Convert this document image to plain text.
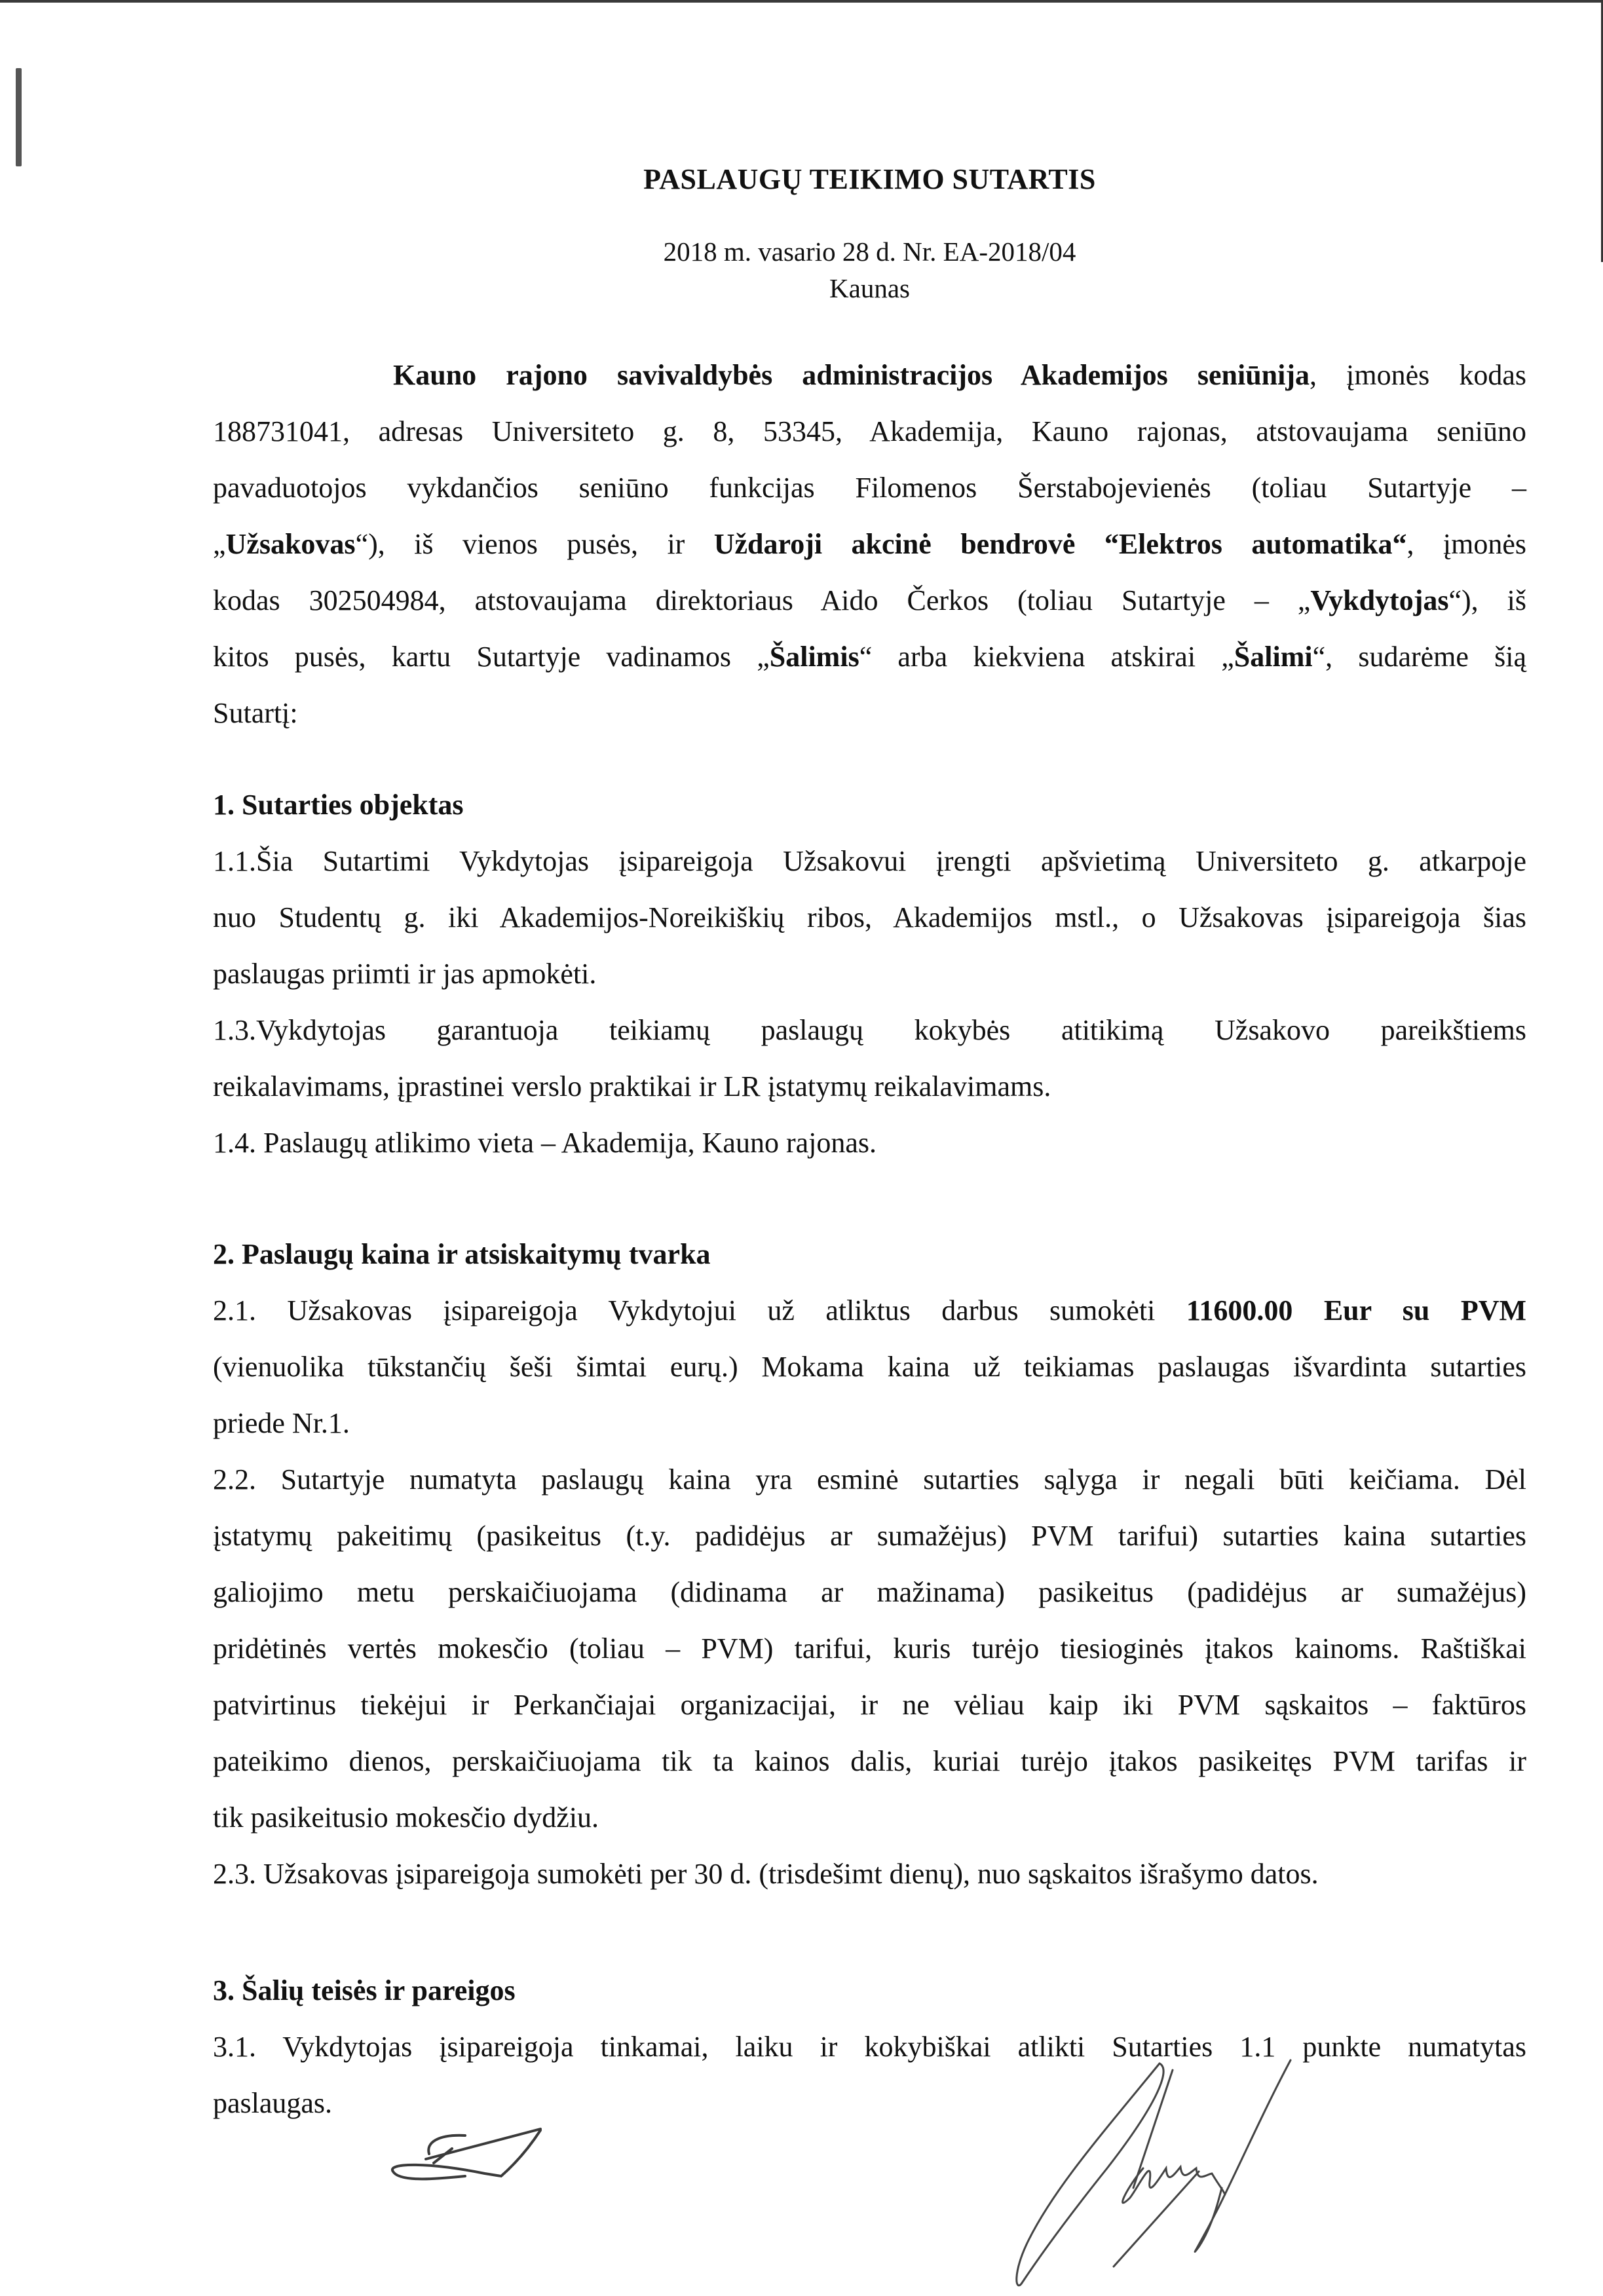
PASLAUGŲ TEIKIMO SUTARTIS
2018 m. vasario 28 d. Nr. EA-2018/04
Kaunas
Kauno rajono savivaldybės administracijos Akademijos seniūnija, įmonės kodas
188731041, adresas Universiteto g. 8, 53345, Akademija, Kauno rajonas, atstovaujama seniūno
pavaduotojos vykdančios seniūno funkcijas Filomenos Šerstabojevienės (toliau Sutartyje –
„Užsakovas“), iš vienos pusės, ir Uždaroji akcinė bendrovė “Elektros automatika“, įmonės
kodas 302504984, atstovaujama direktoriaus Aido Čerkos (toliau Sutartyje – „Vykdytojas“), iš
kitos pusės, kartu Sutartyje vadinamos „Šalimis“ arba kiekviena atskirai „Šalimi“, sudarėme šią
Sutartį:
1. Sutarties objektas
1.1.Šia Sutartimi Vykdytojas įsipareigoja Užsakovui įrengti apšvietimą Universiteto g. atkarpoje
nuo Studentų g. iki Akademijos-Noreikiškių ribos, Akademijos mstl., o Užsakovas įsipareigoja šias
paslaugas priimti ir jas apmokėti.
1.3.Vykdytojas garantuoja teikiamų paslaugų kokybės atitikimą Užsakovo pareikštiems
reikalavimams, įprastinei verslo praktikai ir LR įstatymų reikalavimams.
1.4. Paslaugų atlikimo vieta – Akademija, Kauno rajonas.
2. Paslaugų kaina ir atsiskaitymų tvarka
2.1. Užsakovas įsipareigoja Vykdytojui už atliktus darbus sumokėti 11600.00 Eur su PVM
(vienuolika tūkstančių šeši šimtai eurų.) Mokama kaina už teikiamas paslaugas išvardinta sutarties
priede Nr.1.
2.2. Sutartyje numatyta paslaugų kaina yra esminė sutarties sąlyga ir negali būti keičiama. Dėl
įstatymų pakeitimų (pasikeitus (t.y. padidėjus ar sumažėjus) PVM tarifui) sutarties kaina sutarties
galiojimo metu perskaičiuojama (didinama ar mažinama) pasikeitus (padidėjus ar sumažėjus)
pridėtinės vertės mokesčio (toliau – PVM) tarifui, kuris turėjo tiesioginės įtakos kainoms. Raštiškai
patvirtinus tiekėjui ir Perkančiajai organizacijai, ir ne vėliau kaip iki PVM sąskaitos – faktūros
pateikimo dienos, perskaičiuojama tik ta kainos dalis, kuriai turėjo įtakos pasikeitęs PVM tarifas ir
tik pasikeitusio mokesčio dydžiu.
2.3. Užsakovas įsipareigoja sumokėti per 30 d. (trisdešimt dienų), nuo sąskaitos išrašymo datos.
3. Šalių teisės ir pareigos
3.1. Vykdytojas įsipareigoja tinkamai, laiku ir kokybiškai atlikti Sutarties 1.1 punkte numatytas
paslaugas.
